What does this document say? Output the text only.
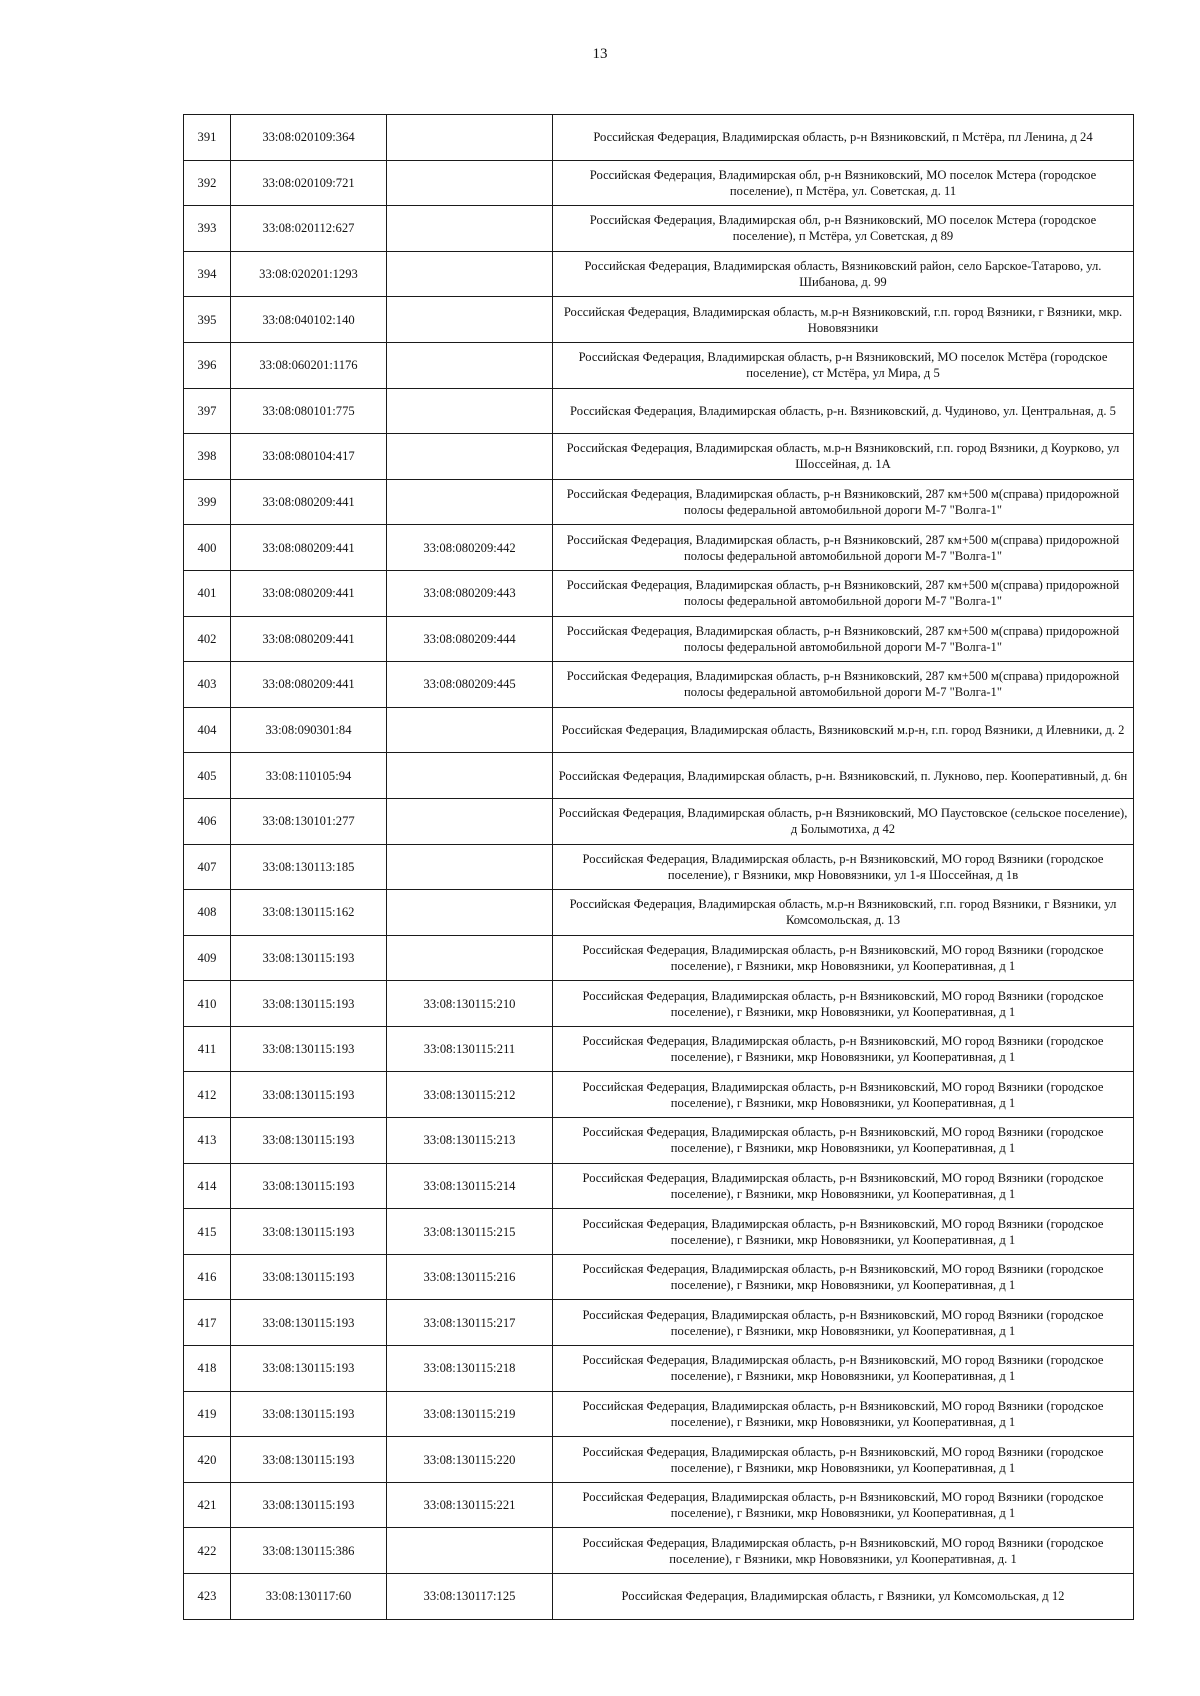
13
391	33:08:020109:364		Российская Федерация, Владимирская область, р-н Вязниковский, п Мстёра, пл Ленина, д 24
392	33:08:020109:721		Российская Федерация, Владимирская обл, р-н Вязниковский, МО поселок Мстера (городское поселение), п Мстёра, ул. Советская, д. 11
393	33:08:020112:627		Российская Федерация, Владимирская обл, р-н Вязниковский, МО поселок Мстера (городское поселение), п Мстёра, ул Советская, д 89
394	33:08:020201:1293		Российская Федерация, Владимирская область, Вязниковский район, село Барское-Татарово, ул. Шибанова, д. 99
395	33:08:040102:140		Российская Федерация, Владимирская область, м.р-н Вязниковский, г.п. город Вязники, г Вязники, мкр. Нововязники
396	33:08:060201:1176		Российская Федерация, Владимирская область, р-н Вязниковский, МО поселок Мстёра (городское поселение), ст Мстёра, ул Мира, д 5
397	33:08:080101:775		Российская Федерация, Владимирская область, р-н. Вязниковский, д. Чудиново, ул. Центральная, д. 5
398	33:08:080104:417		Российская Федерация, Владимирская область, м.р-н Вязниковский, г.п. город Вязники, д Коурково, ул Шоссейная, д. 1А
399	33:08:080209:441		Российская Федерация, Владимирская область, р-н Вязниковский, 287 км+500 м(справа) придорожной полосы федеральной автомобильной дороги М-7 "Волга-1"
400	33:08:080209:441	33:08:080209:442	Российская Федерация, Владимирская область, р-н Вязниковский, 287 км+500 м(справа) придорожной полосы федеральной автомобильной дороги М-7 "Волга-1"
401	33:08:080209:441	33:08:080209:443	Российская Федерация, Владимирская область, р-н Вязниковский, 287 км+500 м(справа) придорожной полосы федеральной автомобильной дороги М-7 "Волга-1"
402	33:08:080209:441	33:08:080209:444	Российская Федерация, Владимирская область, р-н Вязниковский, 287 км+500 м(справа) придорожной полосы федеральной автомобильной дороги М-7 "Волга-1"
403	33:08:080209:441	33:08:080209:445	Российская Федерация, Владимирская область, р-н Вязниковский, 287 км+500 м(справа) придорожной полосы федеральной автомобильной дороги М-7 "Волга-1"
404	33:08:090301:84		Российская Федерация, Владимирская область, Вязниковский м.р-н, г.п. город Вязники, д Илевники, д. 2
405	33:08:110105:94		Российская Федерация, Владимирская область, р-н. Вязниковский, п. Лукново, пер. Кооперативный, д. 6н
406	33:08:130101:277		Российская Федерация, Владимирская область, р-н Вязниковский, МО Паустовское (сельское поселение), д Болымотиха, д 42
407	33:08:130113:185		Российская Федерация, Владимирская область, р-н Вязниковский, МО город Вязники (городское поселение), г Вязники, мкр Нововязники, ул 1-я Шоссейная, д 1в
408	33:08:130115:162		Российская Федерация, Владимирская область, м.р-н Вязниковский, г.п. город Вязники, г Вязники, ул Комсомольская, д. 13
409	33:08:130115:193		Российская Федерация, Владимирская область, р-н Вязниковский, МО город Вязники (городское поселение), г Вязники, мкр Нововязники, ул Кооперативная, д 1
410	33:08:130115:193	33:08:130115:210	Российская Федерация, Владимирская область, р-н Вязниковский, МО город Вязники (городское поселение), г Вязники, мкр Нововязники, ул Кооперативная, д 1
411	33:08:130115:193	33:08:130115:211	Российская Федерация, Владимирская область, р-н Вязниковский, МО город Вязники (городское поселение), г Вязники, мкр Нововязники, ул Кооперативная, д 1
412	33:08:130115:193	33:08:130115:212	Российская Федерация, Владимирская область, р-н Вязниковский, МО город Вязники (городское поселение), г Вязники, мкр Нововязники, ул Кооперативная, д 1
413	33:08:130115:193	33:08:130115:213	Российская Федерация, Владимирская область, р-н Вязниковский, МО город Вязники (городское поселение), г Вязники, мкр Нововязники, ул Кооперативная, д 1
414	33:08:130115:193	33:08:130115:214	Российская Федерация, Владимирская область, р-н Вязниковский, МО город Вязники (городское поселение), г Вязники, мкр Нововязники, ул Кооперативная, д 1
415	33:08:130115:193	33:08:130115:215	Российская Федерация, Владимирская область, р-н Вязниковский, МО город Вязники (городское поселение), г Вязники, мкр Нововязники, ул Кооперативная, д 1
416	33:08:130115:193	33:08:130115:216	Российская Федерация, Владимирская область, р-н Вязниковский, МО город Вязники (городское поселение), г Вязники, мкр Нововязники, ул Кооперативная, д 1
417	33:08:130115:193	33:08:130115:217	Российская Федерация, Владимирская область, р-н Вязниковский, МО город Вязники (городское поселение), г Вязники, мкр Нововязники, ул Кооперативная, д 1
418	33:08:130115:193	33:08:130115:218	Российская Федерация, Владимирская область, р-н Вязниковский, МО город Вязники (городское поселение), г Вязники, мкр Нововязники, ул Кооперативная, д 1
419	33:08:130115:193	33:08:130115:219	Российская Федерация, Владимирская область, р-н Вязниковский, МО город Вязники (городское поселение), г Вязники, мкр Нововязники, ул Кооперативная, д 1
420	33:08:130115:193	33:08:130115:220	Российская Федерация, Владимирская область, р-н Вязниковский, МО город Вязники (городское поселение), г Вязники, мкр Нововязники, ул Кооперативная, д 1
421	33:08:130115:193	33:08:130115:221	Российская Федерация, Владимирская область, р-н Вязниковский, МО город Вязники (городское поселение), г Вязники, мкр Нововязники, ул Кооперативная, д 1
422	33:08:130115:386		Российская Федерация, Владимирская область, р-н Вязниковский, МО город Вязники (городское поселение), г Вязники, мкр Нововязники, ул Кооперативная, д. 1
423	33:08:130117:60	33:08:130117:125	Российская Федерация, Владимирская область, г Вязники, ул Комсомольская, д 12
